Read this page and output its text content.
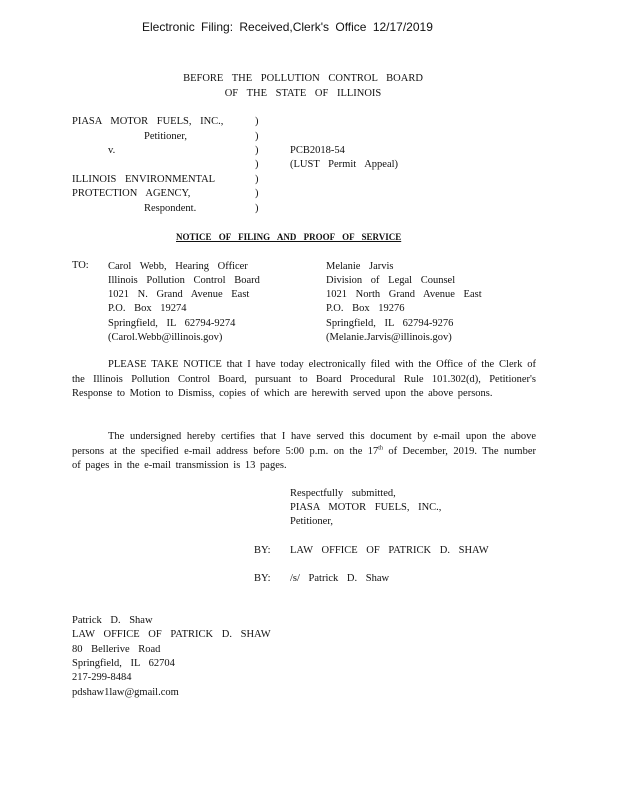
Electronic Filing: Received,Clerk's Office 12/17/2019
BEFORE THE POLLUTION CONTROL BOARD
OF THE STATE OF ILLINOIS
PIASA MOTOR FUELS, INC.,
Petitioner,
v.
ILLINOIS ENVIRONMENTAL
PROTECTION AGENCY,
Respondent.
)
)
)
)
)
)
)
PCB2018-54
(LUST Permit Appeal)
NOTICE OF FILING AND PROOF OF SERVICE
TO: Carol Webb, Hearing Officer
Illinois Pollution Control Board
1021 N. Grand Avenue East
P.O. Box 19274
Springfield, IL 62794-9274
(Carol.Webb@illinois.gov)
Melanie Jarvis
Division of Legal Counsel
1021 North Grand Avenue East
P.O. Box 19276
Springfield, IL 62794-9276
(Melanie.Jarvis@illinois.gov)
PLEASE TAKE NOTICE that I have today electronically filed with the Office of the Clerk of the Illinois Pollution Control Board, pursuant to Board Procedural Rule 101.302(d), Petitioner's Response to Motion to Dismiss, copies of which are herewith served upon the above persons.
The undersigned hereby certifies that I have served this document by e-mail upon the above persons at the specified e-mail address before 5:00 p.m. on the 17th of December, 2019. The number of pages in the e-mail transmission is 13 pages.
Respectfully submitted,
PIASA MOTOR FUELS, INC.,
Petitioner,
BY: LAW OFFICE OF PATRICK D. SHAW
BY: /s/ Patrick D. Shaw
Patrick D. Shaw
LAW OFFICE OF PATRICK D. SHAW
80 Bellerive Road
Springfield, IL 62704
217-299-8484
pdshaw1law@gmail.com
